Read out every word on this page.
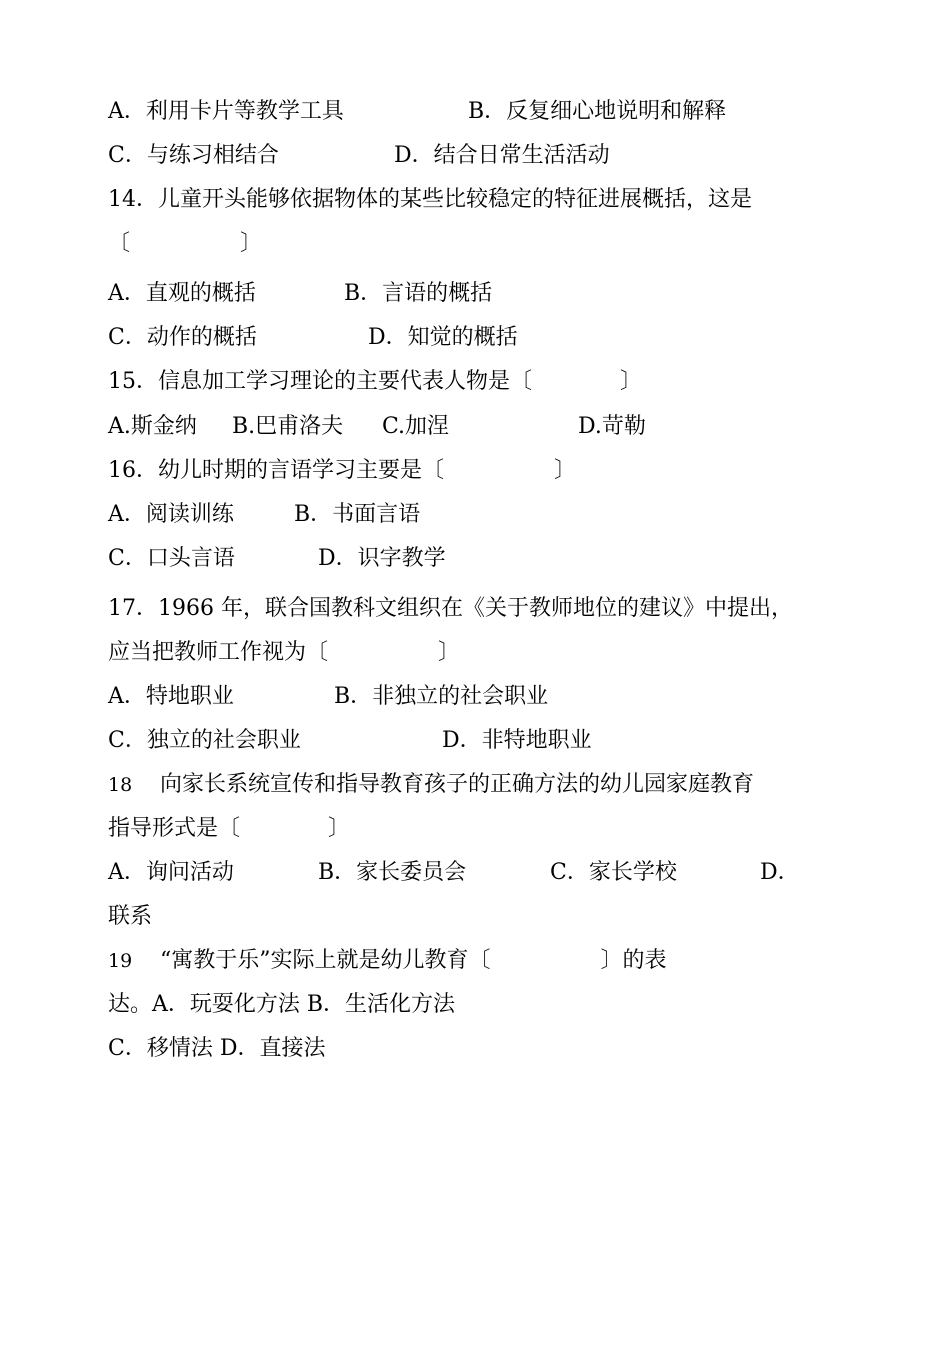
A．利用卡片等教学工具

	B．反复细心地说明和解释

C．与练习相结合

	D．结合日常生活活动

14．儿童开头能够依据物体的某些比较稳定的特征进展概括，这是

〔　　　　　〕

A．直观的概括

	B．言语的概括

C．动作的概括

	D．知觉的概括

15．信息加工学习理论的主要代表人物是〔　　　　〕

A.斯金纳

B.巴甫洛夫

C.加涅

	D.苛勒

16．幼儿时期的言语学习主要是〔　　　　　〕

A．阅读训练

	B．书面言语

C．口头言语

	D．识字教学

17．1966 年，联合国教科文组织在《关于教师地位的建议》中提出，

应当把教师工作视为〔　　　　　〕

A．特地职业

	B．非独立的社会职业

C．独立的社会职业

	D．非特地职业

18

向家长系统宣传和指导教育孩子的正确方法的幼儿园家庭教育

指导形式是〔　　　　〕

A．询问活动

	B．家长委员会

	C．家长学校

	D．

联系

19

“寓教于乐”实际上就是幼儿教育〔　　　　　〕的表

达。A．玩耍化方法 B．生活化方法

C．移情法 D．直接法
